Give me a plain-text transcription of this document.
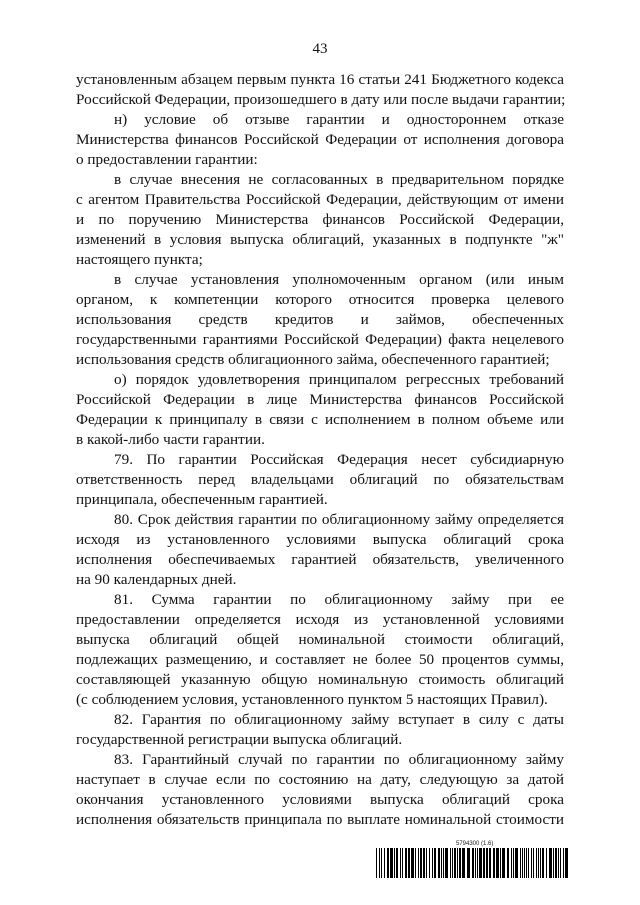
43
установленным абзацем первым пункта 16 статьи 241 Бюджетного кодекса
Российской Федерации, произошедшего в дату или после выдачи гарантии;
н) условие об отзыве гарантии и одностороннем отказе
Министерства финансов Российской Федерации от исполнения договора
о предоставлении гарантии:
в случае внесения не согласованных в предварительном порядке
с агентом Правительства Российской Федерации, действующим от имени
и по поручению Министерства финансов Российской Федерации,
изменений в условия выпуска облигаций, указанных в подпункте "ж"
настоящего пункта;
в случае установления уполномоченным органом (или иным
органом, к компетенции которого относится проверка целевого
использования средств кредитов и займов, обеспеченных
государственными гарантиями Российской Федерации) факта нецелевого
использования средств облигационного займа, обеспеченного гарантией;
о) порядок удовлетворения принципалом регрессных требований
Российской Федерации в лице Министерства финансов Российской
Федерации к принципалу в связи с исполнением в полном объеме или
в какой-либо части гарантии.
79. По гарантии Российская Федерация несет субсидиарную
ответственность перед владельцами облигаций по обязательствам
принципала, обеспеченным гарантией.
80. Срок действия гарантии по облигационному займу определяется
исходя из установленного условиями выпуска облигаций срока
исполнения обеспечиваемых гарантией обязательств, увеличенного
на 90 календарных дней.
81. Сумма гарантии по облигационному займу при ее
предоставлении определяется исходя из установленной условиями
выпуска облигаций общей номинальной стоимости облигаций,
подлежащих размещению, и составляет не более 50 процентов суммы,
составляющей указанную общую номинальную стоимость облигаций
(с соблюдением условия, установленного пунктом 5 настоящих Правил).
82. Гарантия по облигационному займу вступает в силу с даты
государственной регистрации выпуска облигаций.
83. Гарантийный случай по гарантии по облигационному займу
наступает в случае если по состоянию на дату, следующую за датой
окончания установленного условиями выпуска облигаций срока
исполнения обязательств принципала по выплате номинальной стоимости
5794300 (1.6)
